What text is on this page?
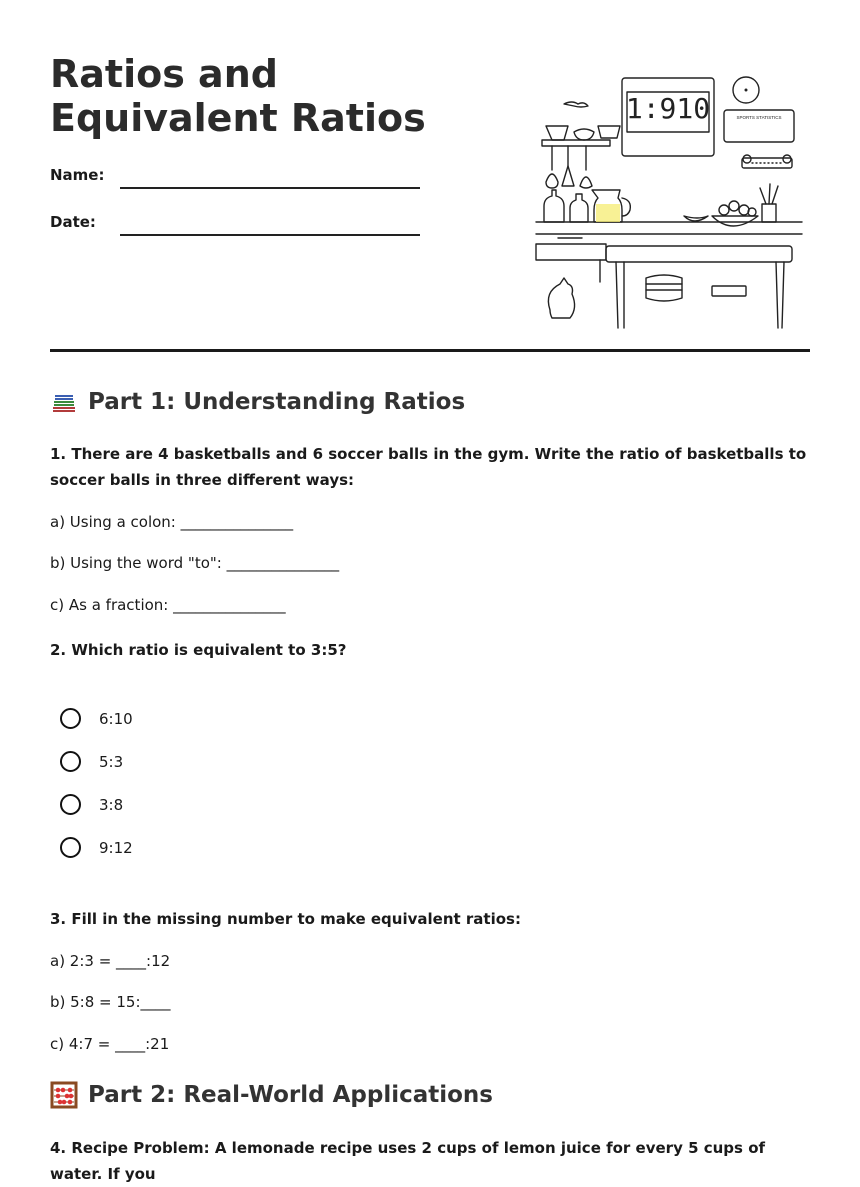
Ratios and Equivalent Ratios
Name:
Date:
1:910	SPORTS STATISTICS
Part 1: Understanding Ratios
1. There are 4 basketballs and 6 soccer balls in the gym. Write the ratio of basketballs to soccer balls in three different ways:
a) Using a colon: _______________
b) Using the word "to": _______________
c) As a fraction: _______________
2. Which ratio is equivalent to 3:5?
6:10
5:3
3:8
9:12
3. Fill in the missing number to make equivalent ratios:
a) 2:3 = ____:12
b) 5:8 = 15:____
c) 4:7 = ____:21
Part 2: Real-World Applications
4. Recipe Problem: A lemonade recipe uses 2 cups of lemon juice for every 5 cups of water. If you
